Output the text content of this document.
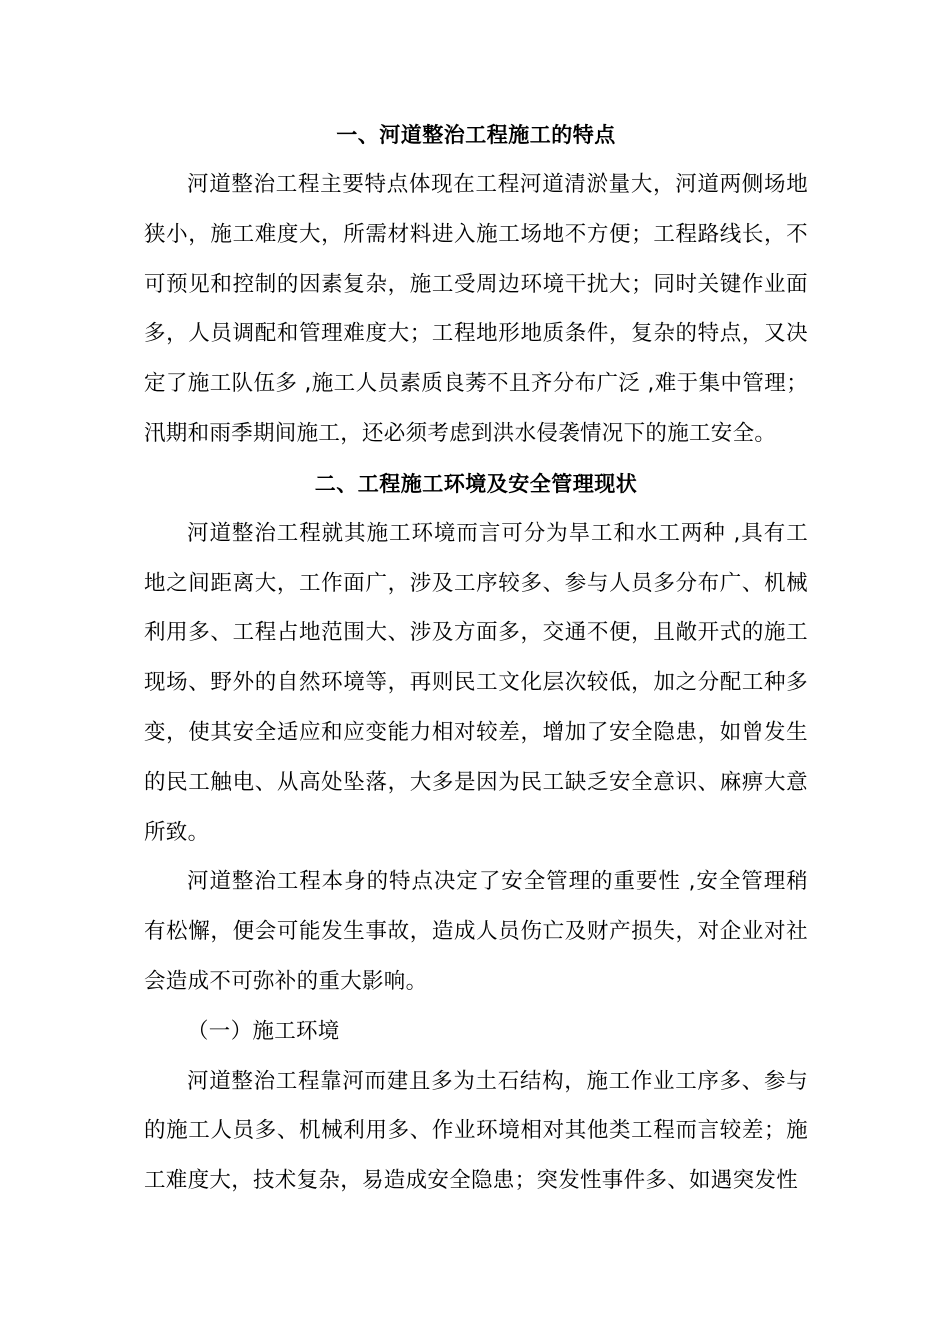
一、河道整治工程施工的特点

河道整治工程主要特点体现在工程河道清淤量大，河道两侧场地狭小，施工难度大，所需材料进入施工场地不方便；工程路线长，不可预见和控制的因素复杂，施工受周边环境干扰大；同时关键作业面多，人员调配和管理难度大；工程地形地质条件，复杂的特点，又决定了施工队伍多 ,施工人员素质良莠不且齐分布广泛 ,难于集中管理；汛期和雨季期间施工，还必须考虑到洪水侵袭情况下的施工安全。

二、工程施工环境及安全管理现状

河道整治工程就其施工环境而言可分为旱工和水工两种 ,具有工地之间距离大，工作面广，涉及工序较多、参与人员多分布广、机械利用多、工程占地范围大、涉及方面多，交通不便，且敞开式的施工现场、野外的自然环境等，再则民工文化层次较低，加之分配工种多变，使其安全适应和应变能力相对较差，增加了安全隐患，如曾发生的民工触电、从高处坠落，大多是因为民工缺乏安全意识、麻痹大意所致。

河道整治工程本身的特点决定了安全管理的重要性 ,安全管理稍有松懈，便会可能发生事故，造成人员伤亡及财产损失，对企业对社会造成不可弥补的重大影响。

（一）施工环境

河道整治工程靠河而建且多为土石结构，施工作业工序多、参与的施工人员多、机械利用多、作业环境相对其他类工程而言较差；施工难度大，技术复杂，易造成安全隐患；突发性事件多、如遇突发性
